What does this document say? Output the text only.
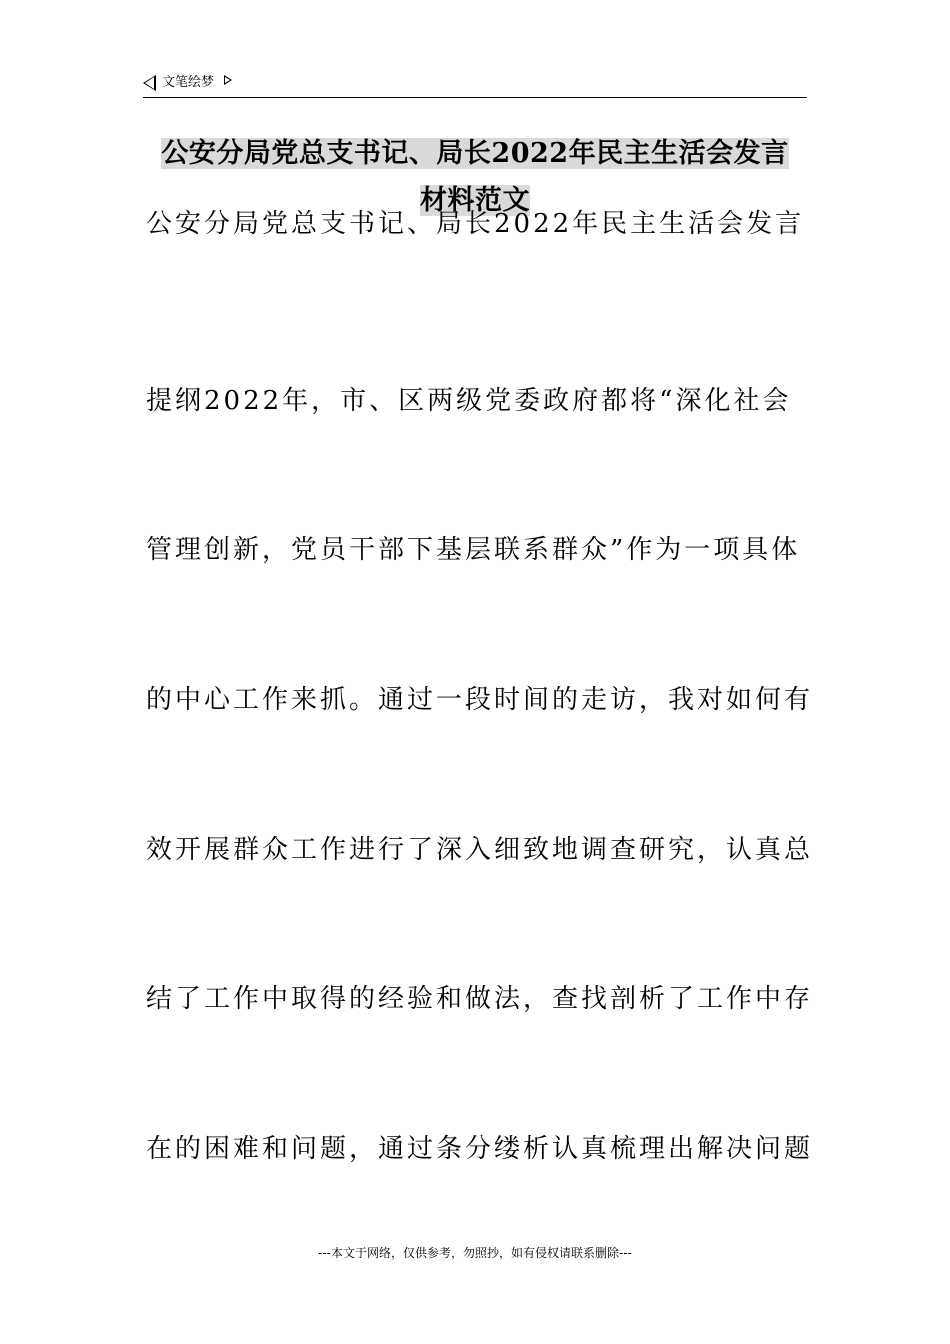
文笔绘梦
公安分局党总支书记、局长2022年民主生活会发言
材料范文
公安分局党总支书记、局长2022年民主生活会发言
提纲2022年，市、区两级党委政府都将“深化社会
管理创新，党员干部下基层联系群众”作为一项具体
的中心工作来抓。通过一段时间的走访，我对如何有
效开展群众工作进行了深入细致地调查研究，认真总
结了工作中取得的经验和做法，查找剖析了工作中存
在的困难和问题，通过条分缕析认真梳理出解决问题
---本文于网络，仅供参考，勿照抄，如有侵权请联系删除---
